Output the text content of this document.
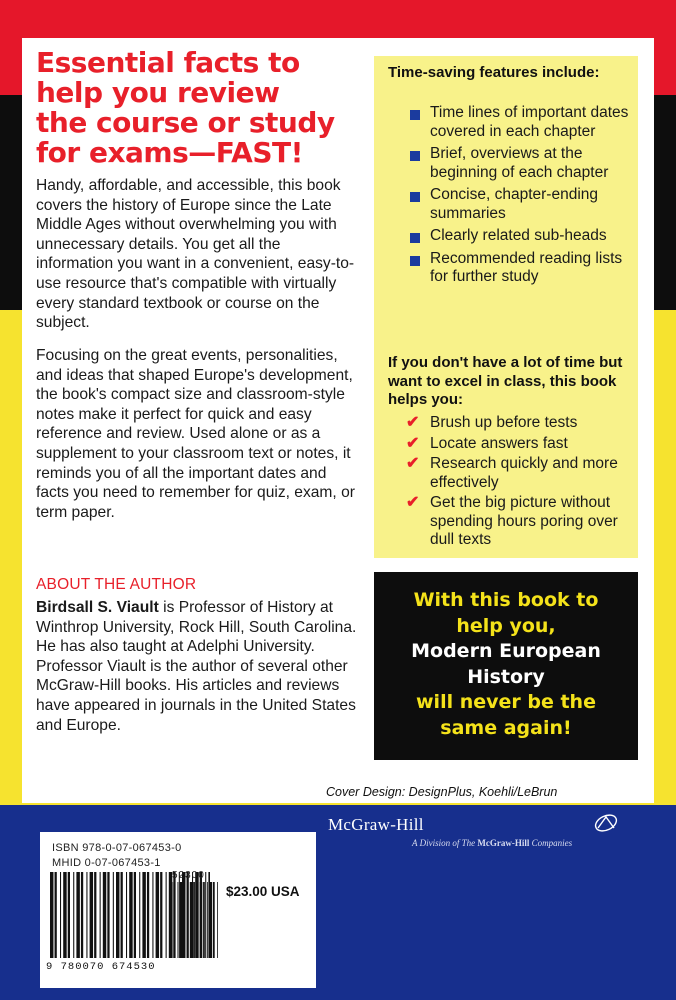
Essential facts to
help you review
the course or study
for exams—FAST!

Handy, affordable, and accessible, this book covers the history of Europe since the Late Middle Ages without overwhelming you with unnecessary details. You get all the information you want in a convenient, easy-to-use resource that's compatible with virtually every standard textbook or course on the subject.

Focusing on the great events, personalities, and ideas that shaped Europe's development, the book's compact size and classroom-style notes make it perfect for quick and easy reference and review. Used alone or as a supplement to your classroom text or notes, it reminds you of all the important dates and facts you need to remember for quiz, exam, or term paper.

ABOUT THE AUTHOR

Birdsall S. Viault is Professor of History at Winthrop University, Rock Hill, South Carolina. He has also taught at Adelphi University. Professor Viault is the author of several other McGraw-Hill books. His articles and reviews have appeared in journals in the United States and Europe.

Time-saving features include:
Time lines of important dates covered in each chapter
Brief, overviews at the beginning of each chapter
Concise, chapter-ending summaries
Clearly related sub-heads
Recommended reading lists for further study
If you don't have a lot of time but want to excel in class, this book helps you:
✔ Brush up before tests
✔ Locate answers fast
✔ Research quickly and more effectively
✔ Get the big picture without spending hours poring over dull texts
With this book to
help you,
Modern European
History
will never be the
same again!
Cover Design: DesignPlus, Koehli/LeBrun
ISBN 978-0-07-067453-0
MHID 0-07-067453-1
52300
$23.00 USA
9 780070 674530
McGraw-Hill
A Division of The McGraw-Hill Companies
